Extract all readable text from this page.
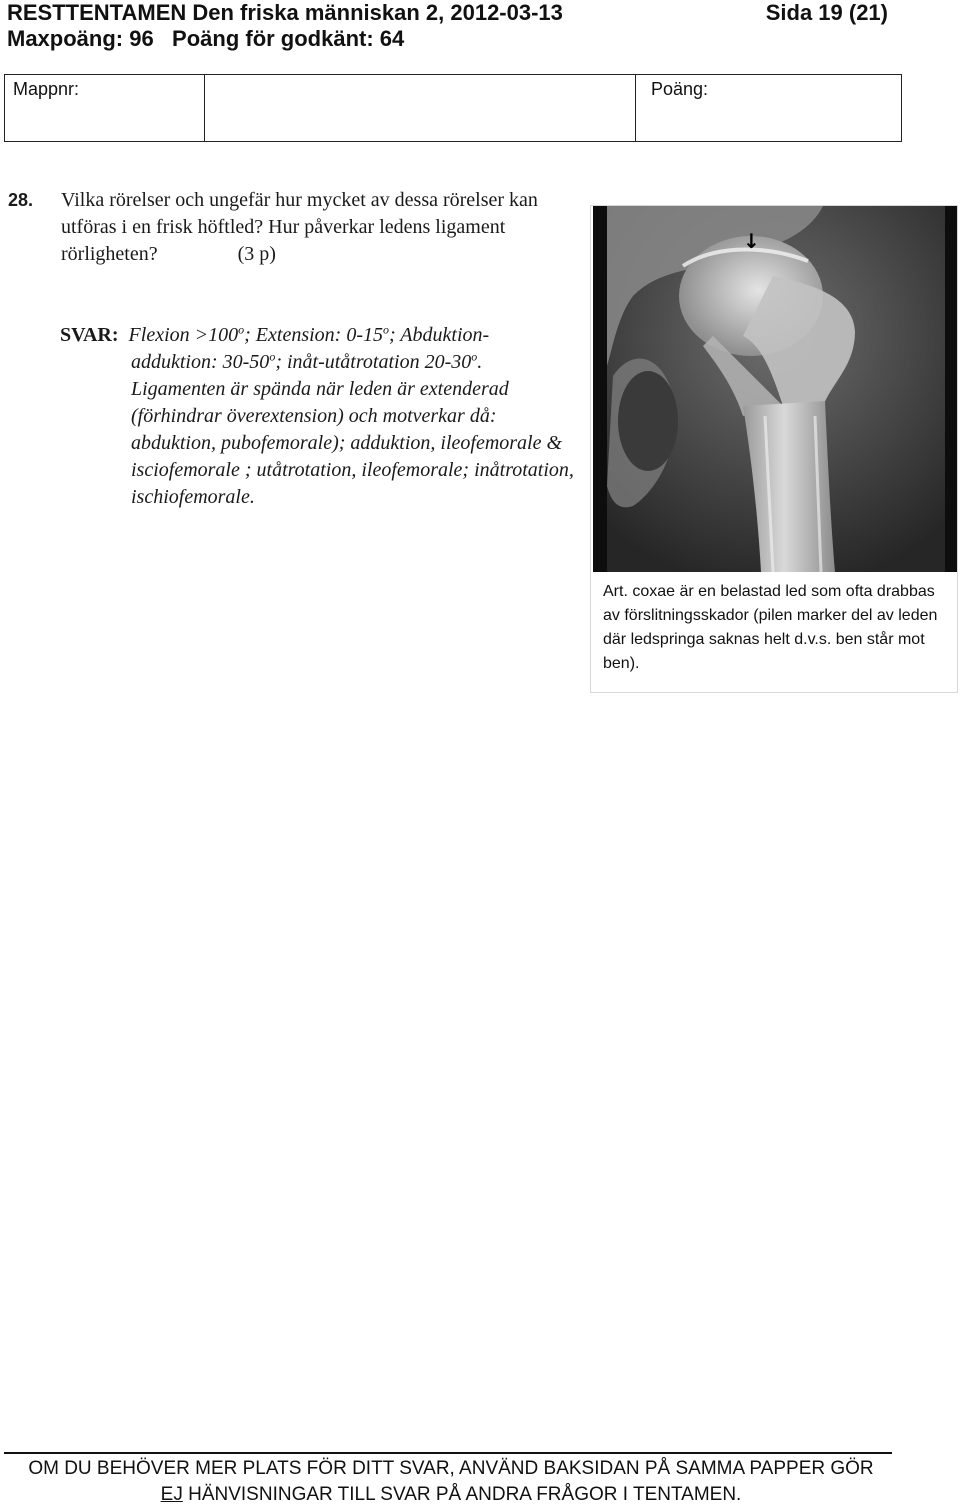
RESTTENTAMEN Den friska människan 2, 2012-03-13	Sida 19 (21)
Maxpoäng: 96   Poäng för godkänt: 64
Mappnr:	Poäng:
28. Vilka rörelser och ungefär hur mycket av dessa rörelser kan utföras i en frisk höftled? Hur påverkar ledens ligament rörligheten?	(3 p)
SVAR: Flexion $>100^o$; Extension: 0-15$^o$; Abduktion-
adduktion: 30-50$^o$; inåt-utåtrotation 20-30$^o$.
Ligamenten är spända när leden är extenderad (förhindrar överextension) och motverkar då: abduktion, pubofemorale); adduktion, ileofemorale & isciofemorale ; utåtrotation, ileofemorale; inåtrotation, ischiofemorale.
↓
Art. coxae är en belastad led som ofta drabbas av förslitningsskador (pilen marker del av leden där ledspringa saknas helt d.v.s. ben står mot ben).
OM DU BEHÖVER MER PLATS FÖR DITT SVAR, ANVÄND BAKSIDAN PÅ SAMMA PAPPER GÖR
EJ HÄNVISNINGAR TILL SVAR PÅ ANDRA FRÅGOR I TENTAMEN.
